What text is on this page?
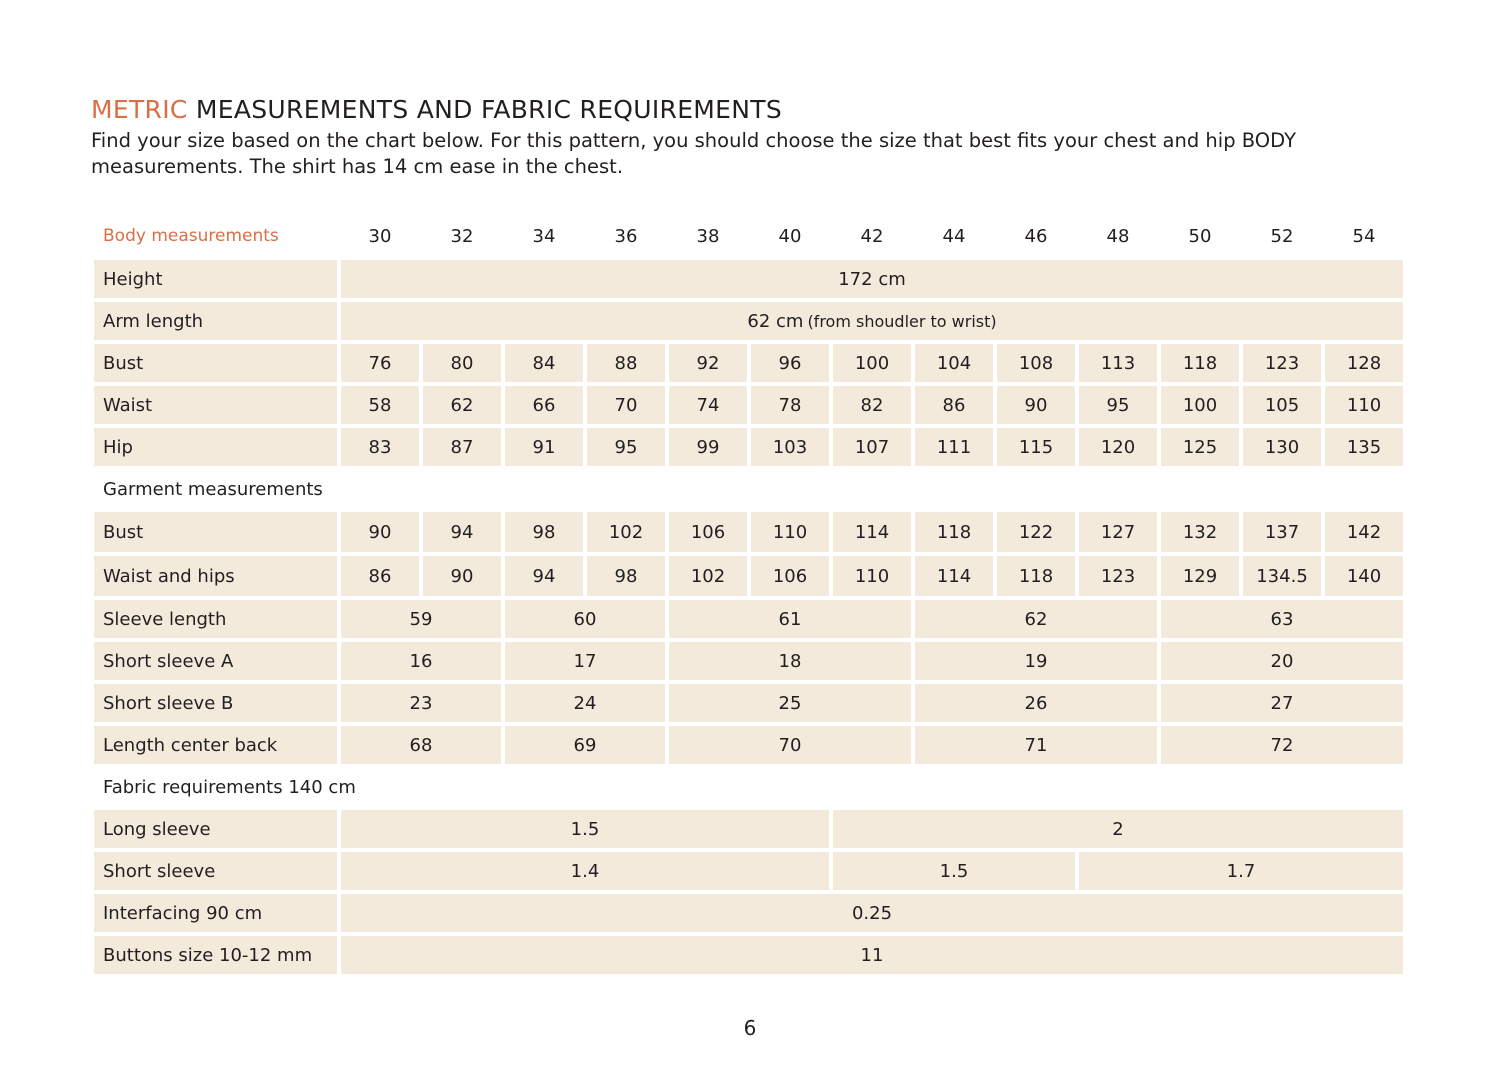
METRIC MEASUREMENTS AND FABRIC REQUIREMENTS

Find your size based on the chart below. For this pattern, you should choose the size that best fits your chest and hip BODY

measurements. The shirt has 14 cm ease in the chest.

Body measurements	30	32	34	36	38	40	42	44	46	48	50	52	54
Height	172 cm
Arm length	62 cm (from shoudler to wrist)
Bust	76	80	84	88	92	96	100	104	108	113	118	123	128
Waist	58	62	66	70	74	78	82	86	90	95	100	105	110
Hip	83	87	91	95	99	103	107	111	115	120	125	130	135
Garment measurements
Bust	90	94	98	102	106	110	114	118	122	127	132	137	142
Waist and hips	86	90	94	98	102	106	110	114	118	123	129	134.5	140
Sleeve length	59	60	61	62	63
Short sleeve A	16	17	18	19	20
Short sleeve B	23	24	25	26	27
Length center back	68	69	70	71	72
Fabric requirements 140 cm
Long sleeve	1.5	2
Short sleeve	1.4	1.5	1.7
Interfacing 90 cm	0.25
Buttons size 10-12 mm	11
6
